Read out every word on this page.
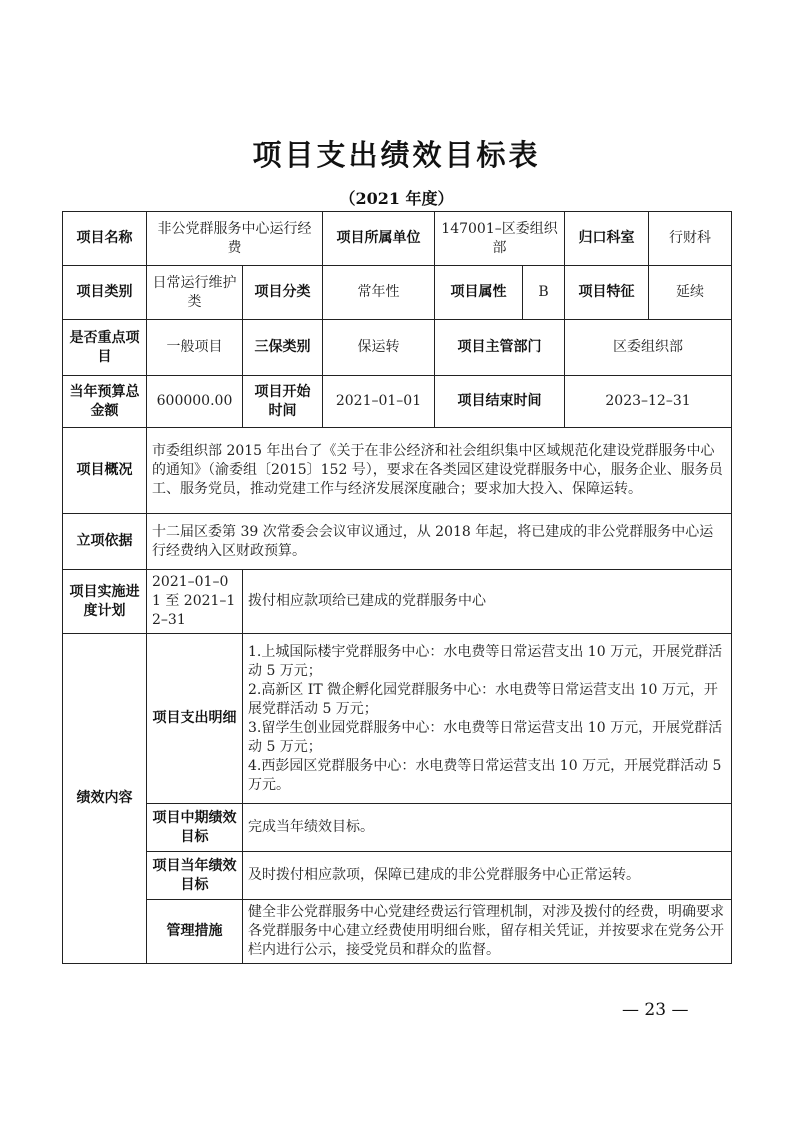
项目支出绩效目标表
（2021 年度）
项目名称	非公党群服务中心运行经费		项目所属单位	147001–区委组织部		归口科室	行财科
项目类别	日常运行维护类	项目分类	常年性	项目属性	B	项目特征	延续
是否重点项目	一般项目	三保类别	保运转	项目主管部门		区委组织部	
当年预算总金额	600000.00	项目开始时间	2021–01–01	项目结束时间		2023–12–31	
项目概况	市委组织部 2015 年出台了《关于在非公经济和社会组织集中区域规范化建设党群服务中心的通知》（渝委组〔2015〕152 号），要求在各类园区建设党群服务中心，服务企业、服务员工、服务党员，推动党建工作与经济发展深度融合；要求加大投入、保障运转。						
立项依据	十二届区委第 39 次常委会会议审议通过，从 2018 年起，将已建成的非公党群服务中心运行经费纳入区财政预算。						
项目实施进度计划	2021–01–01 至 2021–12–31	拨付相应款项给已建成的党群服务中心					
绩效内容	项目支出明细	1.上城国际楼宇党群服务中心：水电费等日常运营支出 10 万元，开展党群活动 5 万元；
2.高新区 IT 微企孵化园党群服务中心：水电费等日常运营支出 10 万元，开展党群活动 5 万元；
3.留学生创业园党群服务中心：水电费等日常运营支出 10 万元，开展党群活动 5 万元；
4.西彭园区党群服务中心：水电费等日常运营支出 10 万元，开展党群活动 5 万元。					

	项目中期绩效目标	完成当年绩效目标。					
	项目当年绩效目标	及时拨付相应款项，保障已建成的非公党群服务中心正常运转。					
	管理措施	健全非公党群服务中心党建经费运行管理机制，对涉及拨付的经费，明确要求各党群服务中心建立经费使用明细台账，留存相关凭证，并按要求在党务公开栏内进行公示，接受党员和群众的监督。					
— 23 —
